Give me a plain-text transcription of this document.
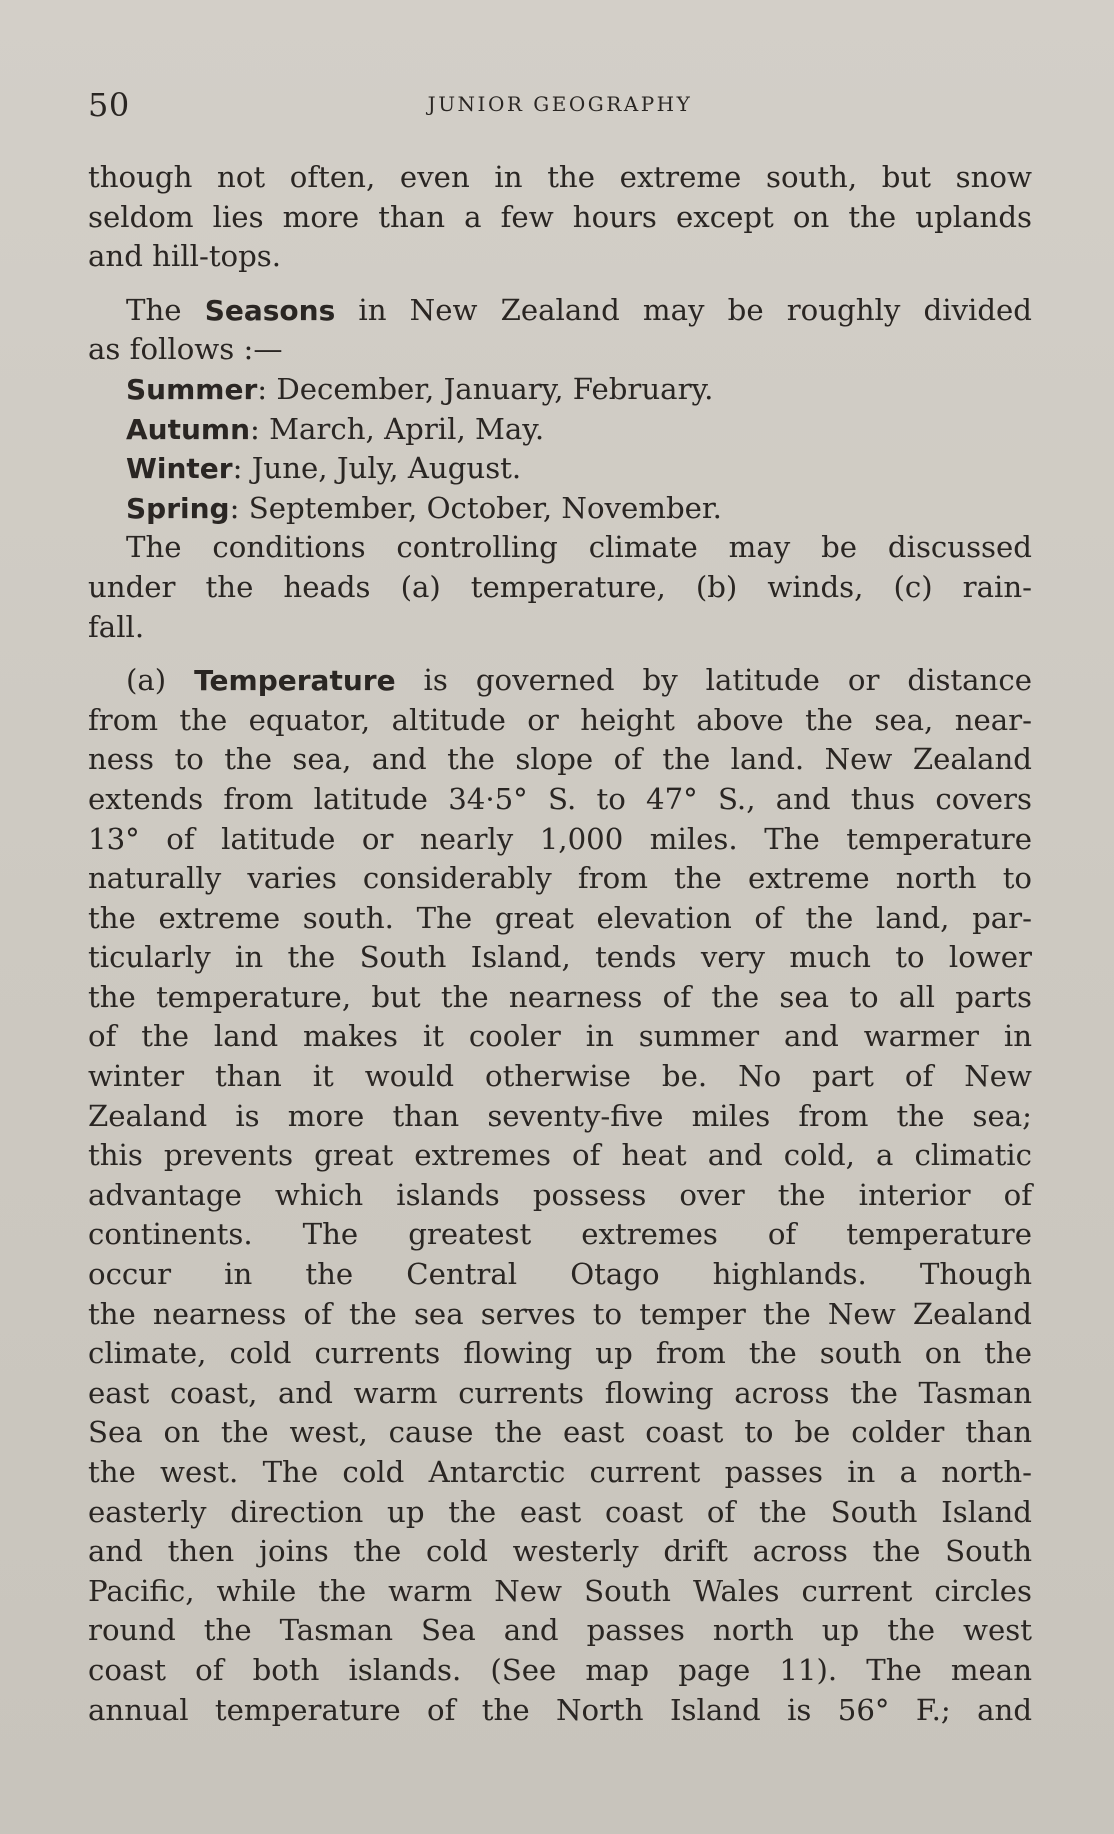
50	JUNIOR GEOGRAPHY
though not often, even in the extreme south, but snow
seldom lies more than a few hours except on the uplands
and hill-tops.
The Seasons in New Zealand may be roughly divided
as follows :—
Summer: December, January, February.
Autumn: March, April, May.
Winter: June, July, August.
Spring: September, October, November.
The conditions controlling climate may be discussed
under the heads (a) temperature, (b) winds, (c) rain-
fall.
(a) Temperature is governed by latitude or distance
from the equator, altitude or height above the sea, near-
ness to the sea, and the slope of the land. New Zealand
extends from latitude 34·5° S. to 47° S., and thus covers
13° of latitude or nearly 1,000 miles. The temperature
naturally varies considerably from the extreme north to
the extreme south. The great elevation of the land, par-
ticularly in the South Island, tends very much to lower
the temperature, but the nearness of the sea to all parts
of the land makes it cooler in summer and warmer in
winter than it would otherwise be. No part of New
Zealand is more than seventy-five miles from the sea;
this prevents great extremes of heat and cold, a climatic
advantage which islands possess over the interior of
continents. The greatest extremes of temperature
occur in the Central Otago highlands. Though
the nearness of the sea serves to temper the New Zealand
climate, cold currents flowing up from the south on the
east coast, and warm currents flowing across the Tasman
Sea on the west, cause the east coast to be colder than
the west. The cold Antarctic current passes in a north-
easterly direction up the east coast of the South Island
and then joins the cold westerly drift across the South
Pacific, while the warm New South Wales current circles
round the Tasman Sea and passes north up the west
coast of both islands. (See map page 11). The mean
annual temperature of the North Island is 56° F.; and
